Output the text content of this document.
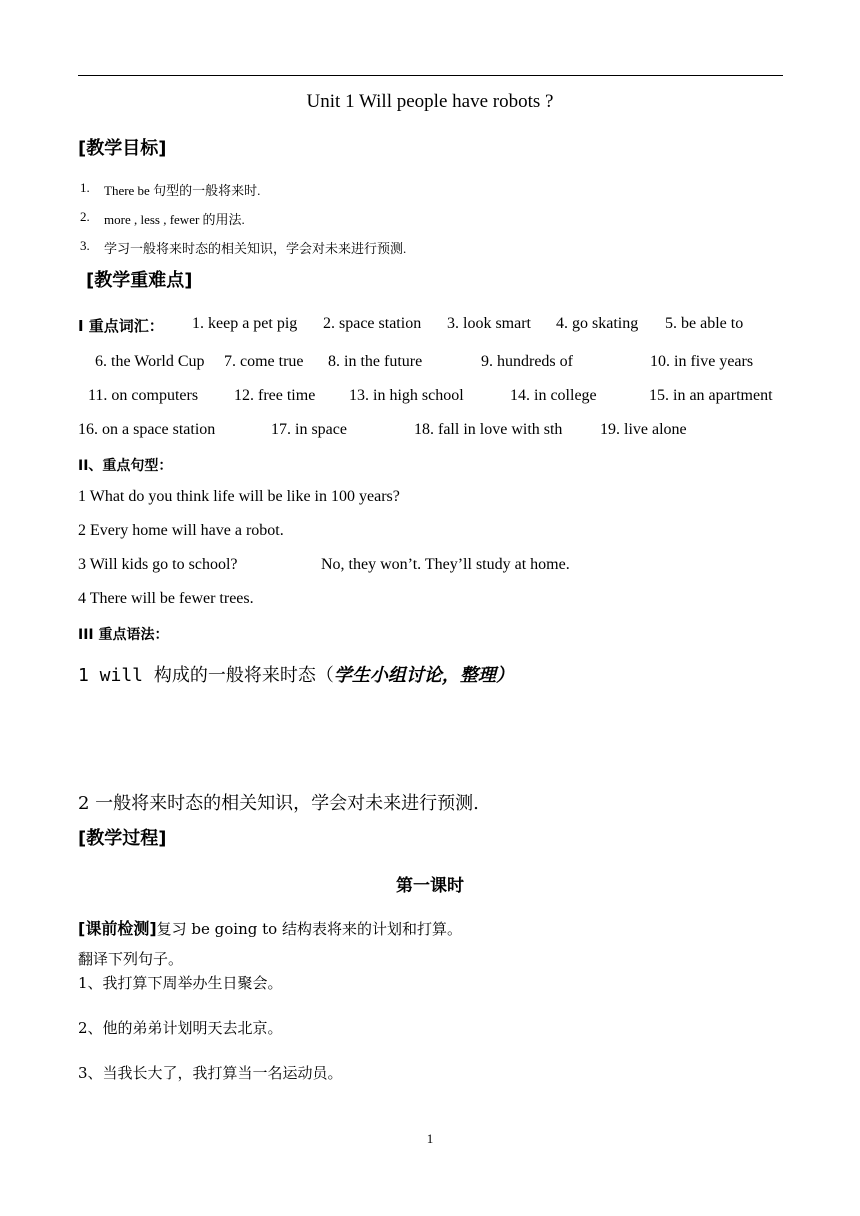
Unit 1 Will people have robots ?
[教学目标]
1. There be 句型的一般将来时.
2. more , less , fewer 的用法.
3. 学习一般将来时态的相关知识，学会对未来进行预测.
[教学重难点]
Ⅰ 重点词汇： 1. keep a pet pig 2. space station 3. look smart 4. go skating 5. be able to
6. the World Cup 7. come true 8. in the future	9. hundreds of	10. in five years
11. on computers 12. free time 13. in high school	14. in college	15. in an apartment
16. on a space station	17. in space	18. fall in love with sth 19. live alone
II、重点句型：
1 What do you think life will be like in 100 years?
2 Every home will have a robot.
3 Will kids go to school?	No, they won’t. They’ll study at home.
4 There will be fewer trees.
III 重点语法：
1 will 构成的一般将来时态（学生小组讨论，整理）
2 一般将来时态的相关知识，学会对未来进行预测.
[教学过程]
第一课时
[课前检测]复习 be going to 结构表将来的计划和打算。
翻译下列句子。
1、我打算下周举办生日聚会。
2、他的弟弟计划明天去北京。
3、当我长大了，我打算当一名运动员。
1
